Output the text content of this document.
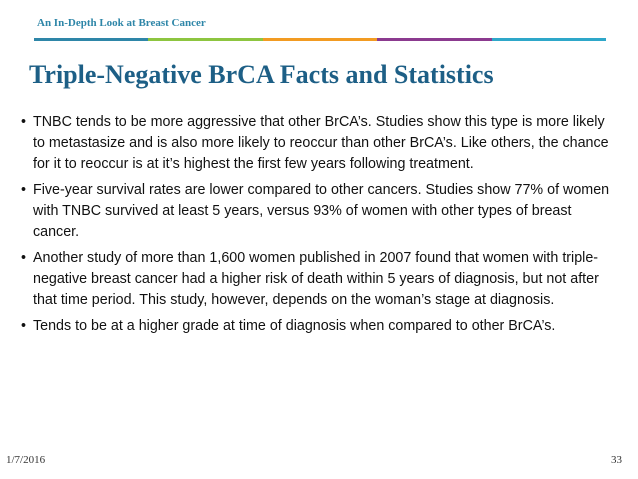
An In-Depth Look at Breast Cancer
Triple-Negative BrCA Facts and Statistics
• TNBC tends to be more aggressive that other BrCA’s. Studies show this type is more likely to metastasize and is also more likely to reoccur than other BrCA’s. Like others, the chance for it to reoccur is at it’s highest the first few years following treatment.
• Five-year survival rates are lower compared to other cancers. Studies show 77% of women with TNBC survived at least 5 years, versus 93% of women with other types of breast cancer.
• Another study of more than 1,600 women published in 2007 found that women with triple-negative breast cancer had a higher risk of death within 5 years of diagnosis, but not after that time period. This study, however, depends on the woman’s stage at diagnosis.
• Tends to be at a higher grade at time of diagnosis when compared to other BrCA’s.
1/7/2016	33
